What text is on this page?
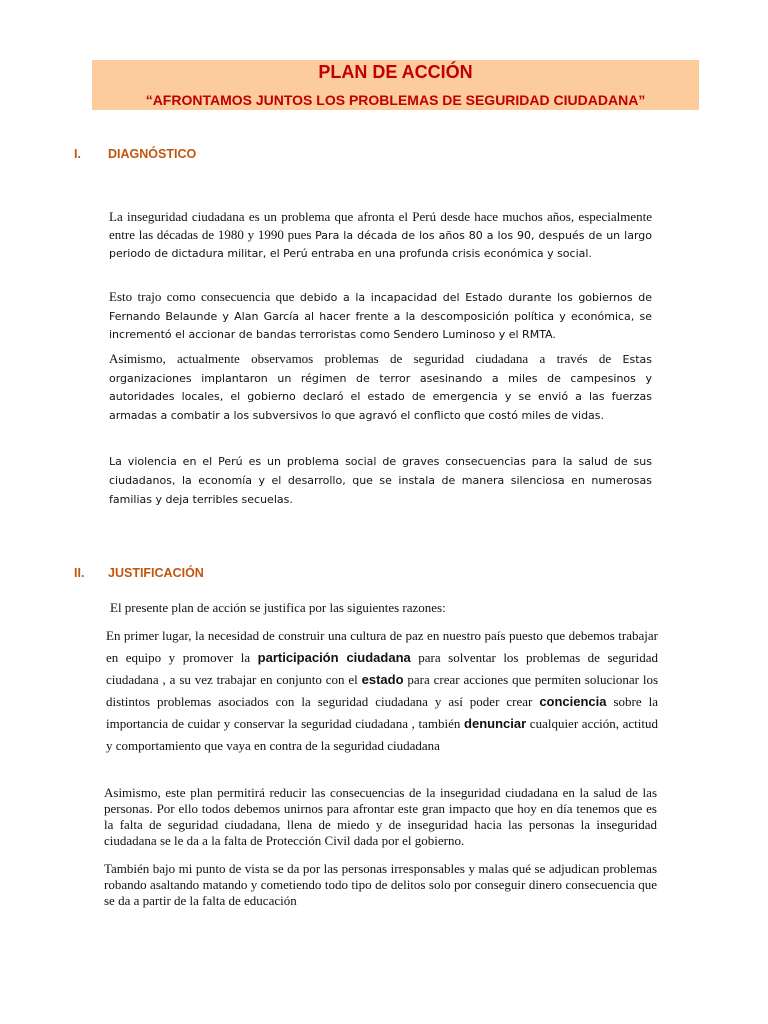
PLAN DE ACCIÓN
“AFRONTAMOS JUNTOS LOS PROBLEMAS DE SEGURIDAD CIUDADANA”
I. DIAGNÓSTICO
La inseguridad ciudadana es un problema que afronta el Perú desde hace muchos años, especialmente entre las décadas de 1980 y 1990 pues Para la década de los años 80 a los 90, después de un largo periodo de dictadura militar, el Perú entraba en una profunda crisis económica y social.
Esto trajo como consecuencia que debido a la incapacidad del Estado durante los gobiernos de Fernando Belaunde y Alan García al hacer frente a la descomposición política y económica, se incrementó el accionar de bandas terroristas como Sendero Luminoso y el RMTA.
Asimismo, actualmente observamos problemas de seguridad ciudadana a través de Estas organizaciones implantaron un régimen de terror asesinando a miles de campesinos y autoridades locales, el gobierno declaró el estado de emergencia y se envió a las fuerzas armadas a combatir a los subversivos lo que agravó el conflicto que costó miles de vidas.
La violencia en el Perú es un problema social de graves consecuencias para la salud de sus ciudadanos, la economía y el desarrollo, que se instala de manera silenciosa en numerosas familias y deja terribles secuelas.
II. JUSTIFICACIÓN
El presente plan de acción se justifica por las siguientes razones:
En primer lugar, la necesidad de construir una cultura de paz en nuestro país puesto que debemos trabajar en equipo y promover la participación ciudadana para solventar los problemas de seguridad ciudadana , a su vez trabajar en conjunto con el estado para crear acciones que permiten solucionar los distintos problemas asociados con la seguridad ciudadana y así poder crear conciencia sobre la importancia de cuidar y conservar la seguridad ciudadana , también denunciar cualquier acción, actitud y comportamiento que vaya en contra de la seguridad ciudadana
Asimismo, este plan permitirá reducir las consecuencias de la inseguridad ciudadana en la salud de las personas. Por ello todos debemos unirnos para afrontar este gran impacto que hoy en día tenemos que es la falta de seguridad ciudadana, llena de miedo y de inseguridad hacia las personas la inseguridad ciudadana se le da a la falta de Protección Civil dada por el gobierno.
También bajo mi punto de vista se da por las personas irresponsables y malas qué se adjudican problemas robando asaltando matando y cometiendo todo tipo de delitos solo por conseguir dinero consecuencia que se da a partir de la falta de educación
